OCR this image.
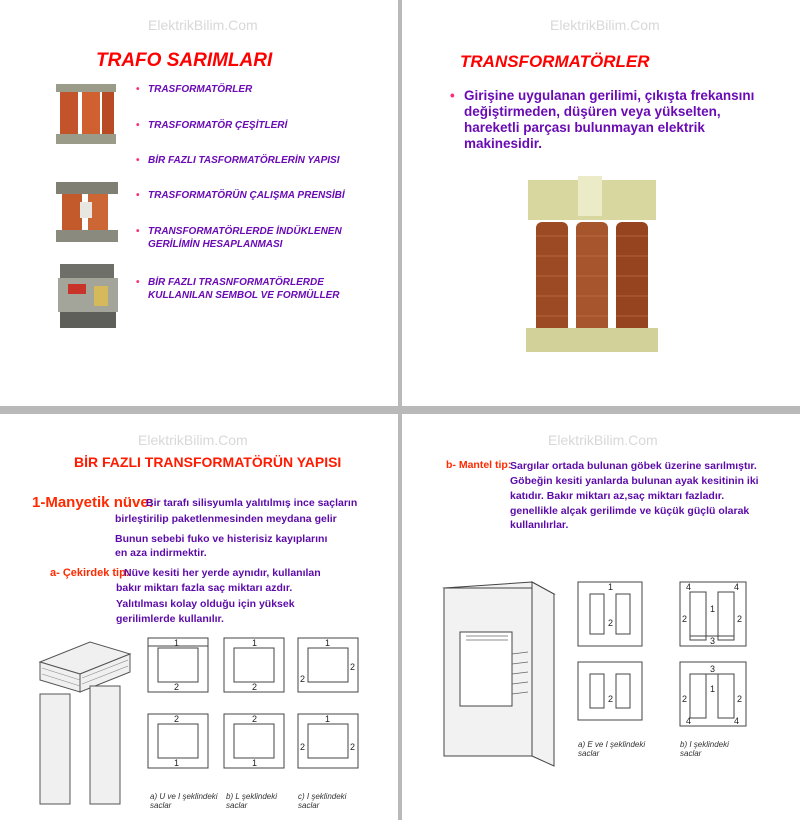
ElektrikBilim.Com
TRAFO SARIMLARI
• TRASFORMATÖRLER
• TRASFORMATÖR ÇEŞİTLERİ
• BİR FAZLI TASFORMATÖRLERİN YAPISI
• TRASFORMATÖRÜN ÇALIŞMA PRENSİBİ
• TRANSFORMATÖRLERDE İNDÜKLENEN GERİLİMİN HESAPLANMASI
• BİR FAZLI TRASNFORMATÖRLERDE KULLANILAN SEMBOL VE FORMÜLLER
ElektrikBilim.Com
TRANSFORMATÖRLER
• Girişine uygulanan gerilimi, çıkışta frekansını değiştirmeden, düşüren veya yükselten, hareketli parçası bulunmayan elektrik makinesidir.
ElektrikBilim.Com
BİR FAZLI TRANSFORMATÖRÜN YAPISI
1-Manyetik nüve:
Bir tarafı silisyumla yalıtılmış ince saçların
birleştirilip paketlenmesinden meydana gelir
Bunun sebebi fuko ve histerisiz kayıplarını
en aza indirmektir.
a- Çekirdek tip:
Nüve kesiti her yerde aynıdır, kullanılan
bakır miktarı fazla saç miktarı azdır.
Yalıtılması kolay olduğu için yüksek
gerilimlerde kullanılır.
1
2
1
2
1
2
2
2
1
2
1
1
2	2
a) U ve I şeklindeki saclar
b) L şeklindeki saclar
c) I şeklindeki saclar
ElektrikBilim.Com
b- Mantel tip:
Sargılar ortada bulunan göbek üzerine sarılmıştır.
Göbeğin kesiti yanlarda bulunan ayak kesitinin iki
katıdır. Bakır miktarı az,saç miktarı fazladır.
genellikle alçak gerilimde ve küçük güçlü olarak
kullanılırlar.
1
2
2
1
2	2
3
4	4
3
1
2	2
4	4
a) E ve I şeklindeki saclar
b) I şeklindeki saclar
